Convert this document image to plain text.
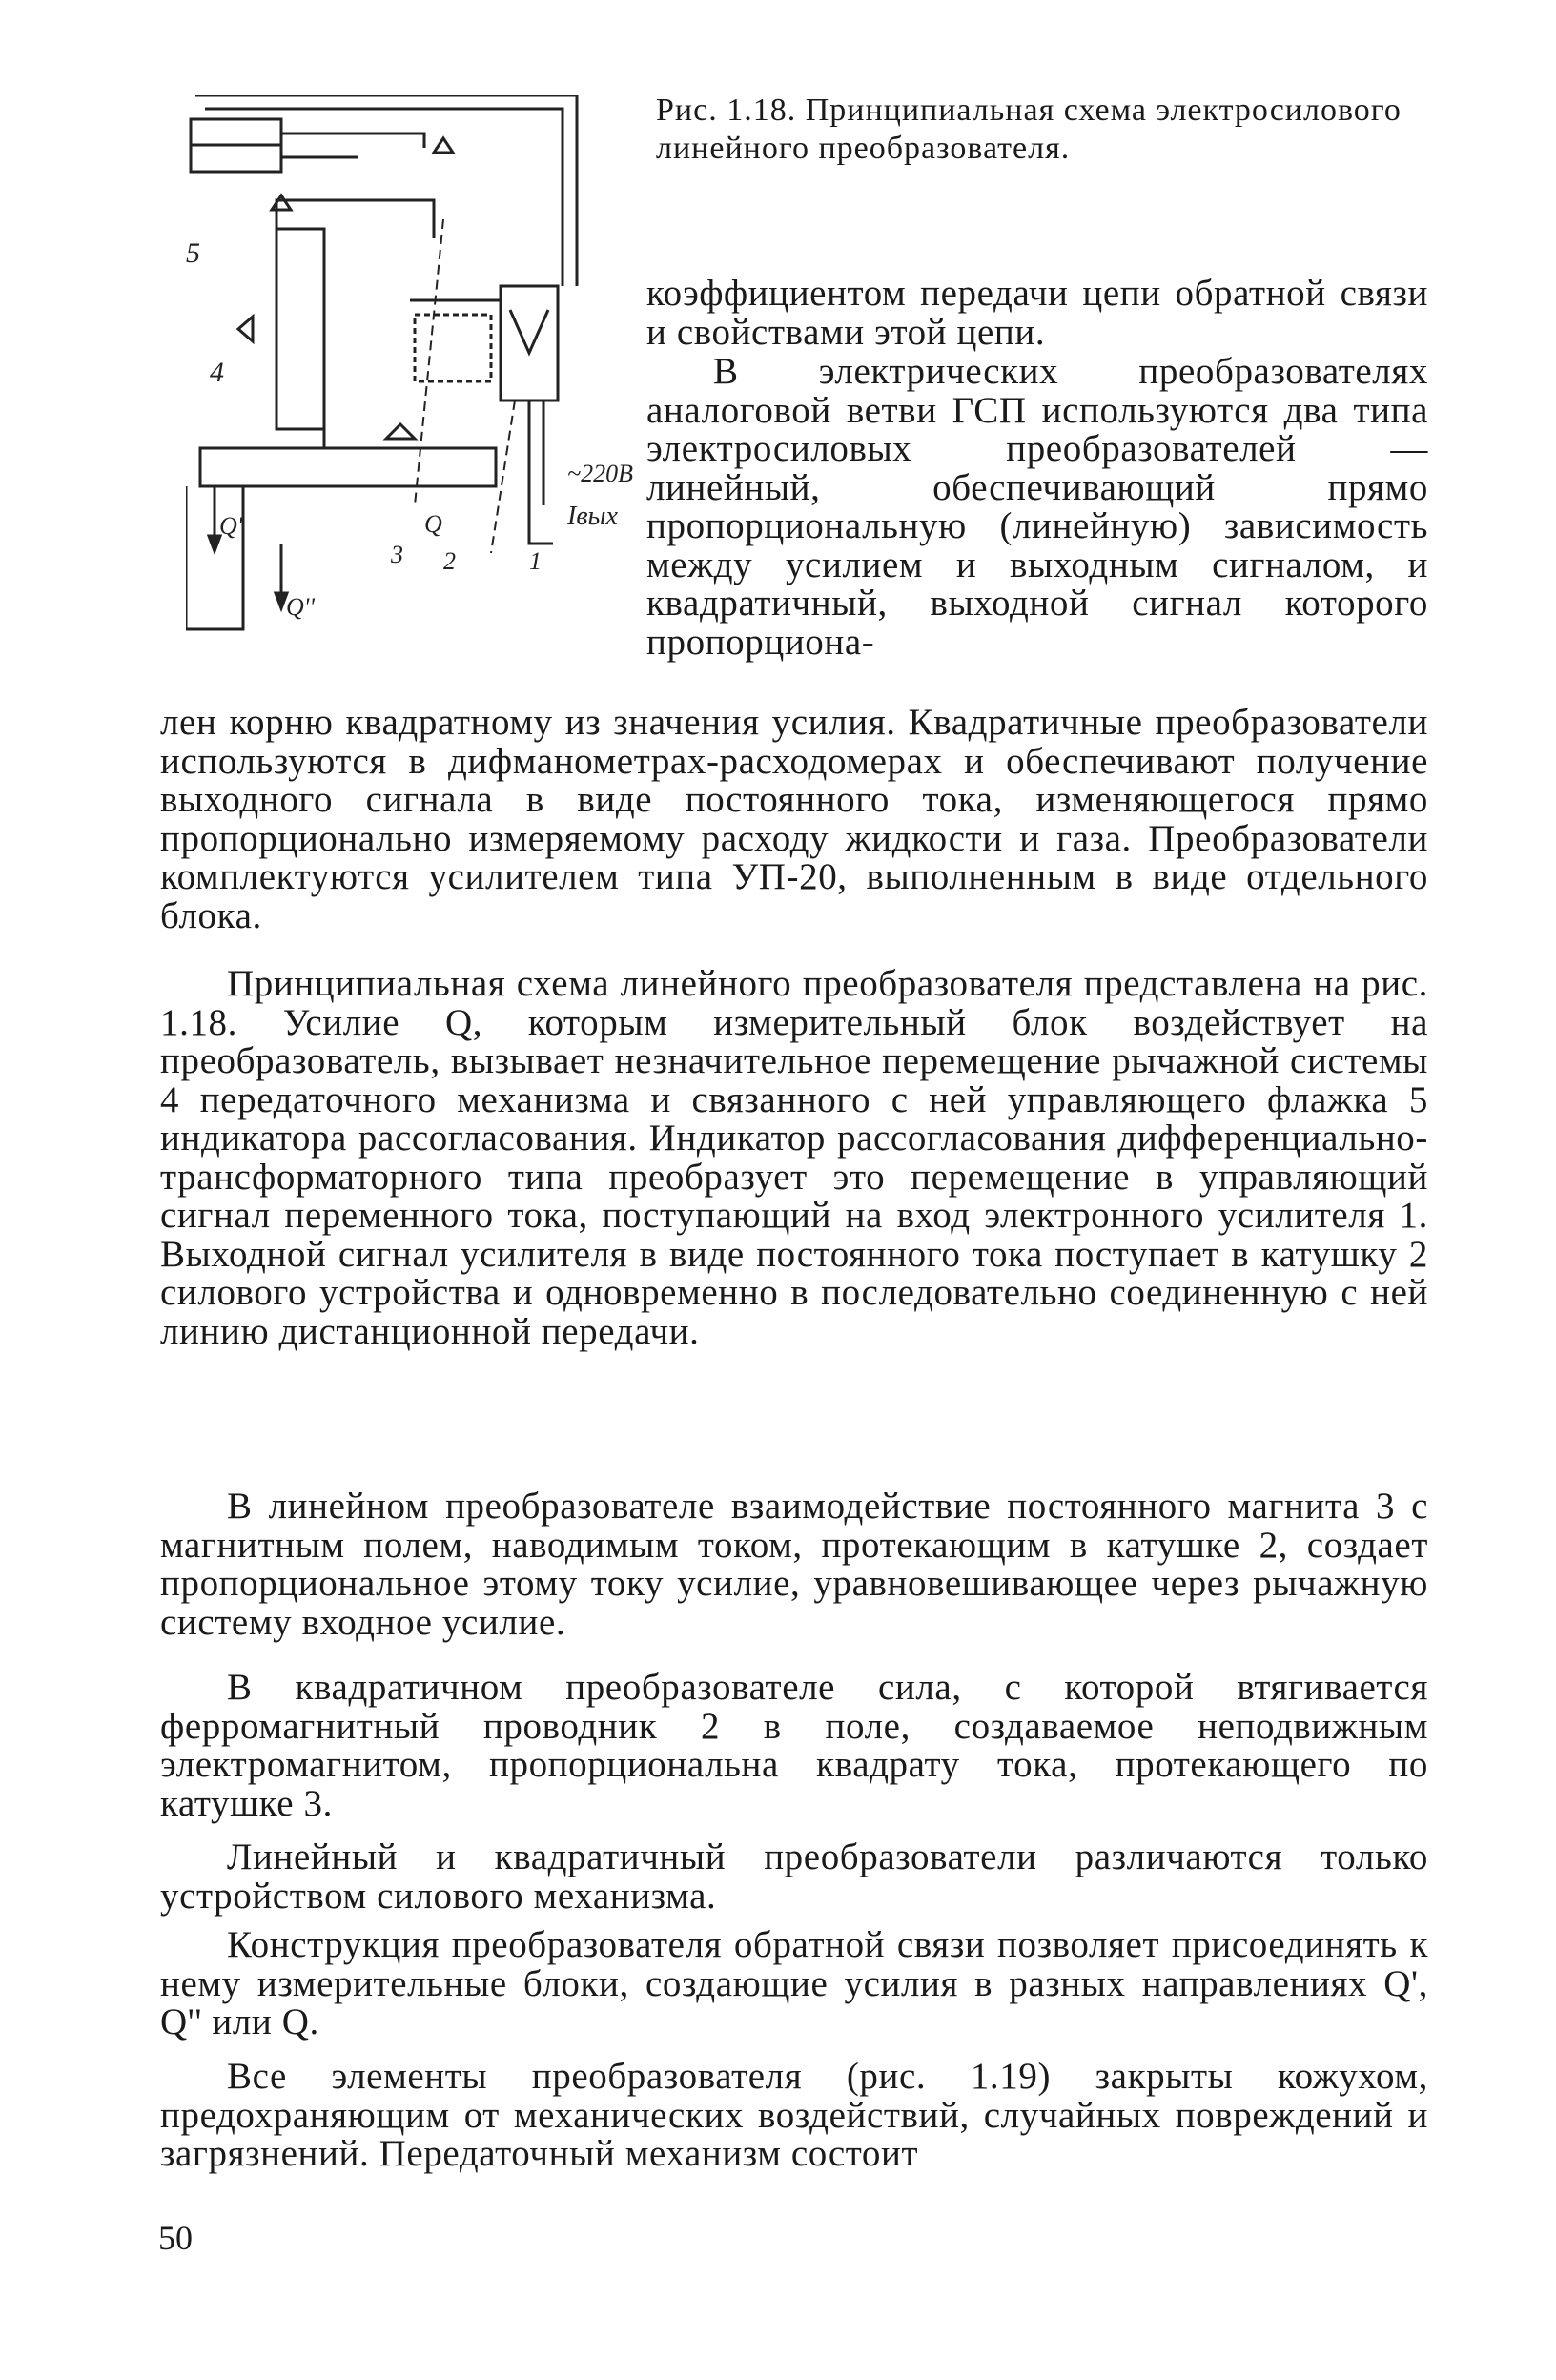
5
4
~220В
Iвых
Q'
3 2	1
Q''
Q

Рис. 1.18. Принципиальная схема электросилового линейного преобразователя.

коэффициентом передачи цепи обратной связи и свойствами этой цепи.

В электрических преобразователях аналоговой ветви ГСП используются два типа электросиловых преобразователей — линейный, обеспечивающий прямо пропорциональную (линейную) зависимость между усилием и выходным сигналом, и квадратичный, выходной сигнал которого пропорциона-

лен корню квадратному из значения усилия. Квадратичные преобразователи используются в дифманометрах-расходомерах и обеспечивают получение выходного сигнала в виде постоянного тока, изменяющегося прямо пропорционально измеряемому расходу жидкости и газа. Преобразователи комплектуются усилителем типа УП-20, выполненным в виде отдельного блока.

Принципиальная схема линейного преобразователя представлена на рис. 1.18. Усилие Q, которым измерительный блок воздействует на преобразователь, вызывает незначительное перемещение рычажной системы 4 передаточного механизма и связанного с ней управляющего флажка 5 индикатора рассогласования. Индикатор рассогласования дифференциально-трансформаторного типа преобразует это перемещение в управляющий сигнал переменного тока, поступающий на вход электронного усилителя 1. Выходной сигнал усилителя в виде постоянного тока поступает в катушку 2 силового устройства и одновременно в последовательно соединенную с ней линию дистанционной передачи.

В линейном преобразователе взаимодействие постоянного магнита 3 с магнитным полем, наводимым током, протекающим в катушке 2, создает пропорциональное этому току усилие, уравновешивающее через рычажную систему входное усилие.

В квадратичном преобразователе сила, с которой втягивается ферромагнитный проводник 2 в поле, создаваемое неподвижным электромагнитом, пропорциональна квадрату тока, протекающего по катушке 3.

Линейный и квадратичный преобразователи различаются только устройством силового механизма.

Конструкция преобразователя обратной связи позволяет присоединять к нему измерительные блоки, создающие усилия в разных направлениях Q', Q'' или Q.

Все элементы преобразователя (рис. 1.19) закрыты кожухом, предохраняющим от механических воздействий, случайных повреждений и загрязнений. Передаточный механизм состоит

50
